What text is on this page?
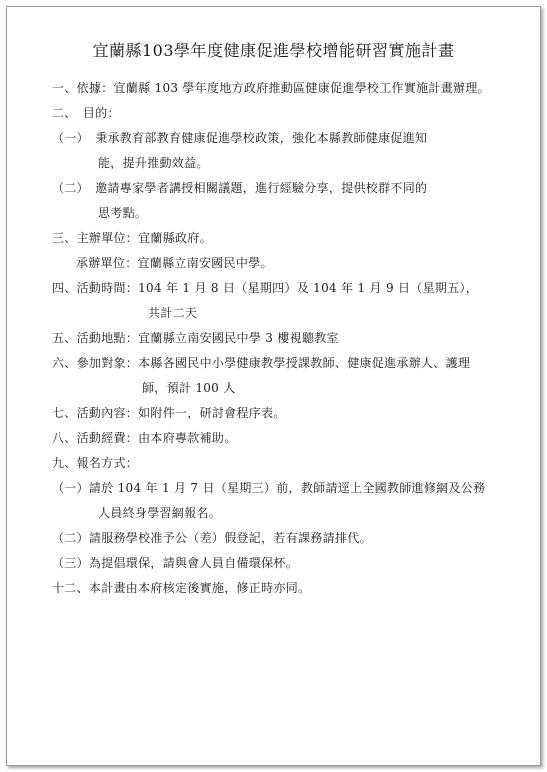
宜蘭縣103學年度健康促進學校增能研習實施計畫
一、依據：宜蘭縣 103 學年度地方政府推動區健康促進學校工作實施計畫辦理。
二、　目的：
（一）　秉承教育部教育健康促進學校政策，強化本縣教師健康促進知
能，提升推動效益。
（二）　邀請專家學者講授相關議題，進行經驗分享，提供校群不同的
思考點。
三、主辦單位：宜蘭縣政府。
承辦單位：宜蘭縣立南安國民中學。
四、活動時間：104 年 1 月 8 日（星期四）及 104 年 1 月 9 日（星期五），
共計二天
五、活動地點：宜蘭縣立南安國民中學 3 樓視聽教室
六、參加對象：本縣各國民中小學健康教學授課教師、健康促進承辦人、護理
師，預計 100 人
七、活動內容：如附件一，研討會程序表。
八、活動經費：由本府專款補助。
九、報名方式：
（一）請於 104 年 1 月 7 日（星期三）前，教師請逕上全國教師進修網及公務
人員終身學習網報名。
（二）請服務學校准予公（差）假登記，若有課務請排代。
（三）為提倡環保，請與會人員自備環保杯。
十二、本計畫由本府核定後實施，修正時亦同。
